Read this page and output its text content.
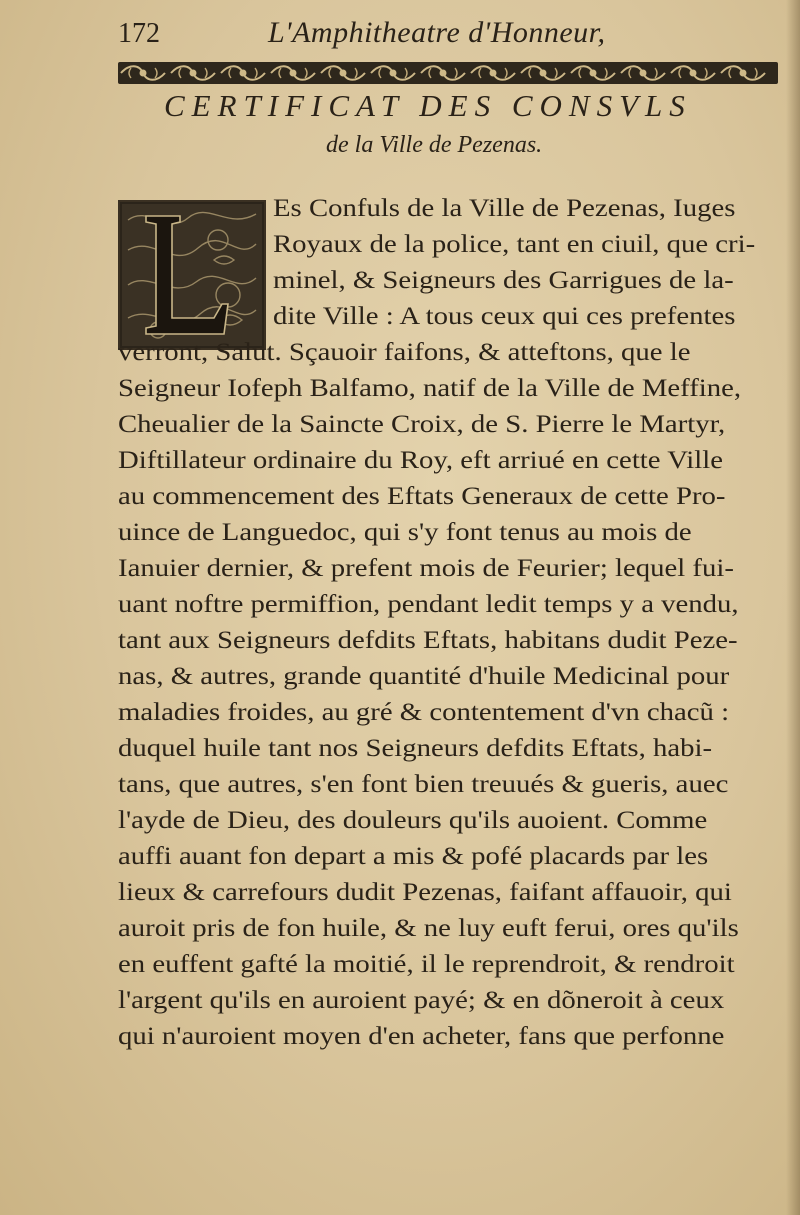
172	L'Amphitheatre d'Honneur,
CERTIFICAT DES CONSVLS
de la Ville de Pezenas.
Es Confuls de la Ville de Pezenas, Iuges
Royaux de la police, tant en ciuil, que cri-
minel, & Seigneurs des Garrigues de la-
dite Ville : A tous ceux qui ces prefentes
verront, Salut. Sçauoir faifons, & atteftons, que le
Seigneur Iofeph Balfamo, natif de la Ville de Meffine,
Cheualier de la Saincte Croix, de S. Pierre le Martyr,
Diftillateur ordinaire du Roy, eft arriué en cette Ville
au commencement des Eftats Generaux de cette Pro-
uince de Languedoc, qui s'y font tenus au mois de
Ianuier dernier, & prefent mois de Feurier; lequel fui-
uant noftre permiffion, pendant ledit temps y a vendu,
tant aux Seigneurs defdits Eftats, habitans dudit Peze-
nas, & autres, grande quantité d'huile Medicinal pour
maladies froides, au gré & contentement d'vn chacũ :
duquel huile tant nos Seigneurs defdits Eftats, habi-
tans, que autres, s'en font bien treuués & gueris, auec
l'ayde de Dieu, des douleurs qu'ils auoient. Comme
auffi auant fon depart a mis & pofé placards par les
lieux & carrefours dudit Pezenas, faifant affauoir, qui
auroit pris de fon huile, & ne luy euft ferui, ores qu'ils
en euffent gafté la moitié, il le reprendroit, & rendroit
l'argent qu'ils en auroient payé; & en dõneroit à ceux
qui n'auroient moyen d'en acheter, fans que perfonne
